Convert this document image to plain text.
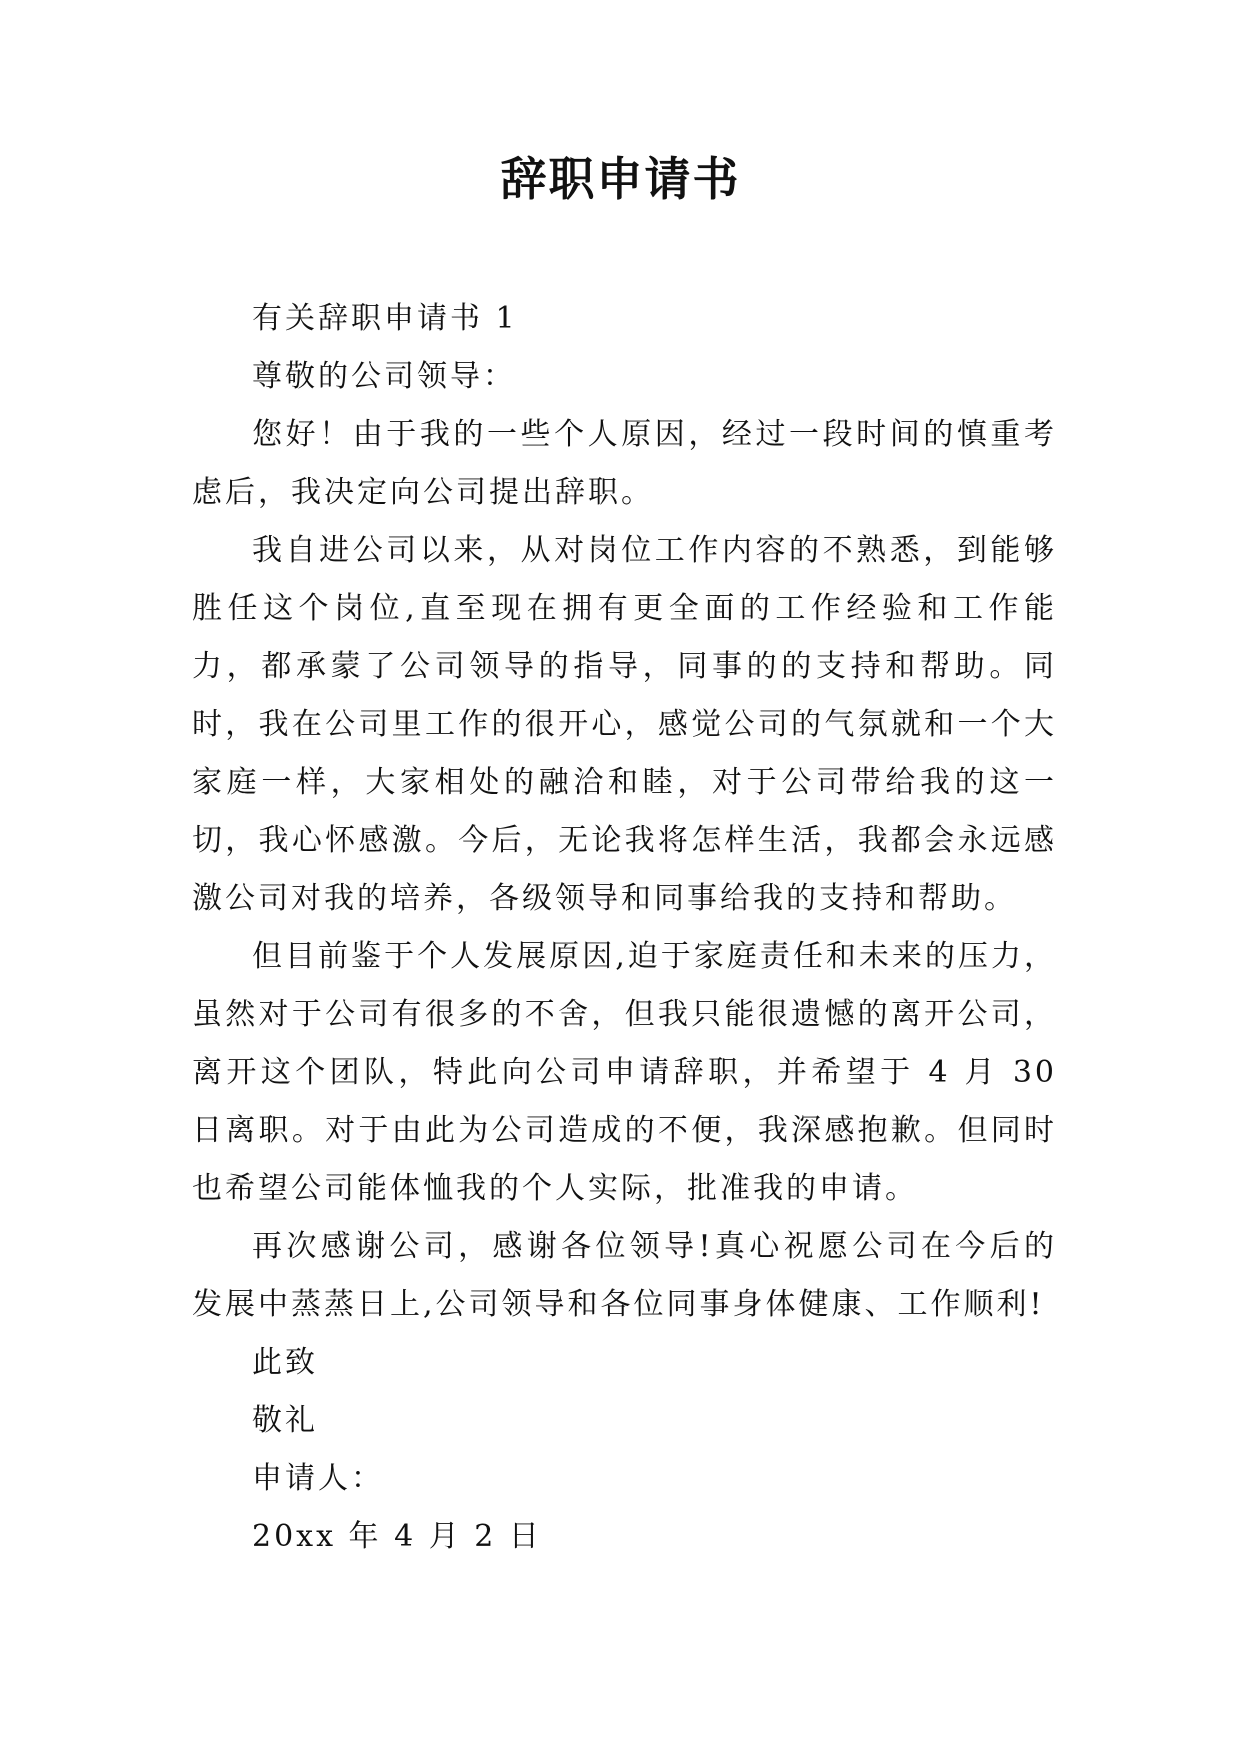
辞职申请书

有关辞职申请书 1

尊敬的公司领导：

您好！由于我的一些个人原因，经过一段时间的慎重考虑后，我决定向公司提出辞职。

我自进公司以来，从对岗位工作内容的不熟悉，到能够胜任这个岗位,直至现在拥有更全面的工作经验和工作能力，都承蒙了公司领导的指导，同事的的支持和帮助。同时，我在公司里工作的很开心，感觉公司的气氛就和一个大家庭一样，大家相处的融洽和睦，对于公司带给我的这一切，我心怀感激。今后，无论我将怎样生活，我都会永远感激公司对我的培养，各级领导和同事给我的支持和帮助。

但目前鉴于个人发展原因,迫于家庭责任和未来的压力，虽然对于公司有很多的不舍，但我只能很遗憾的离开公司，离开这个团队，特此向公司申请辞职，并希望于 4 月 30 日离职。对于由此为公司造成的不便，我深感抱歉。但同时也希望公司能体恤我的个人实际，批准我的申请。

再次感谢公司，感谢各位领导!真心祝愿公司在今后的发展中蒸蒸日上,公司领导和各位同事身体健康、工作顺利!

此致

敬礼

申请人：

20xx 年 4 月 2 日
